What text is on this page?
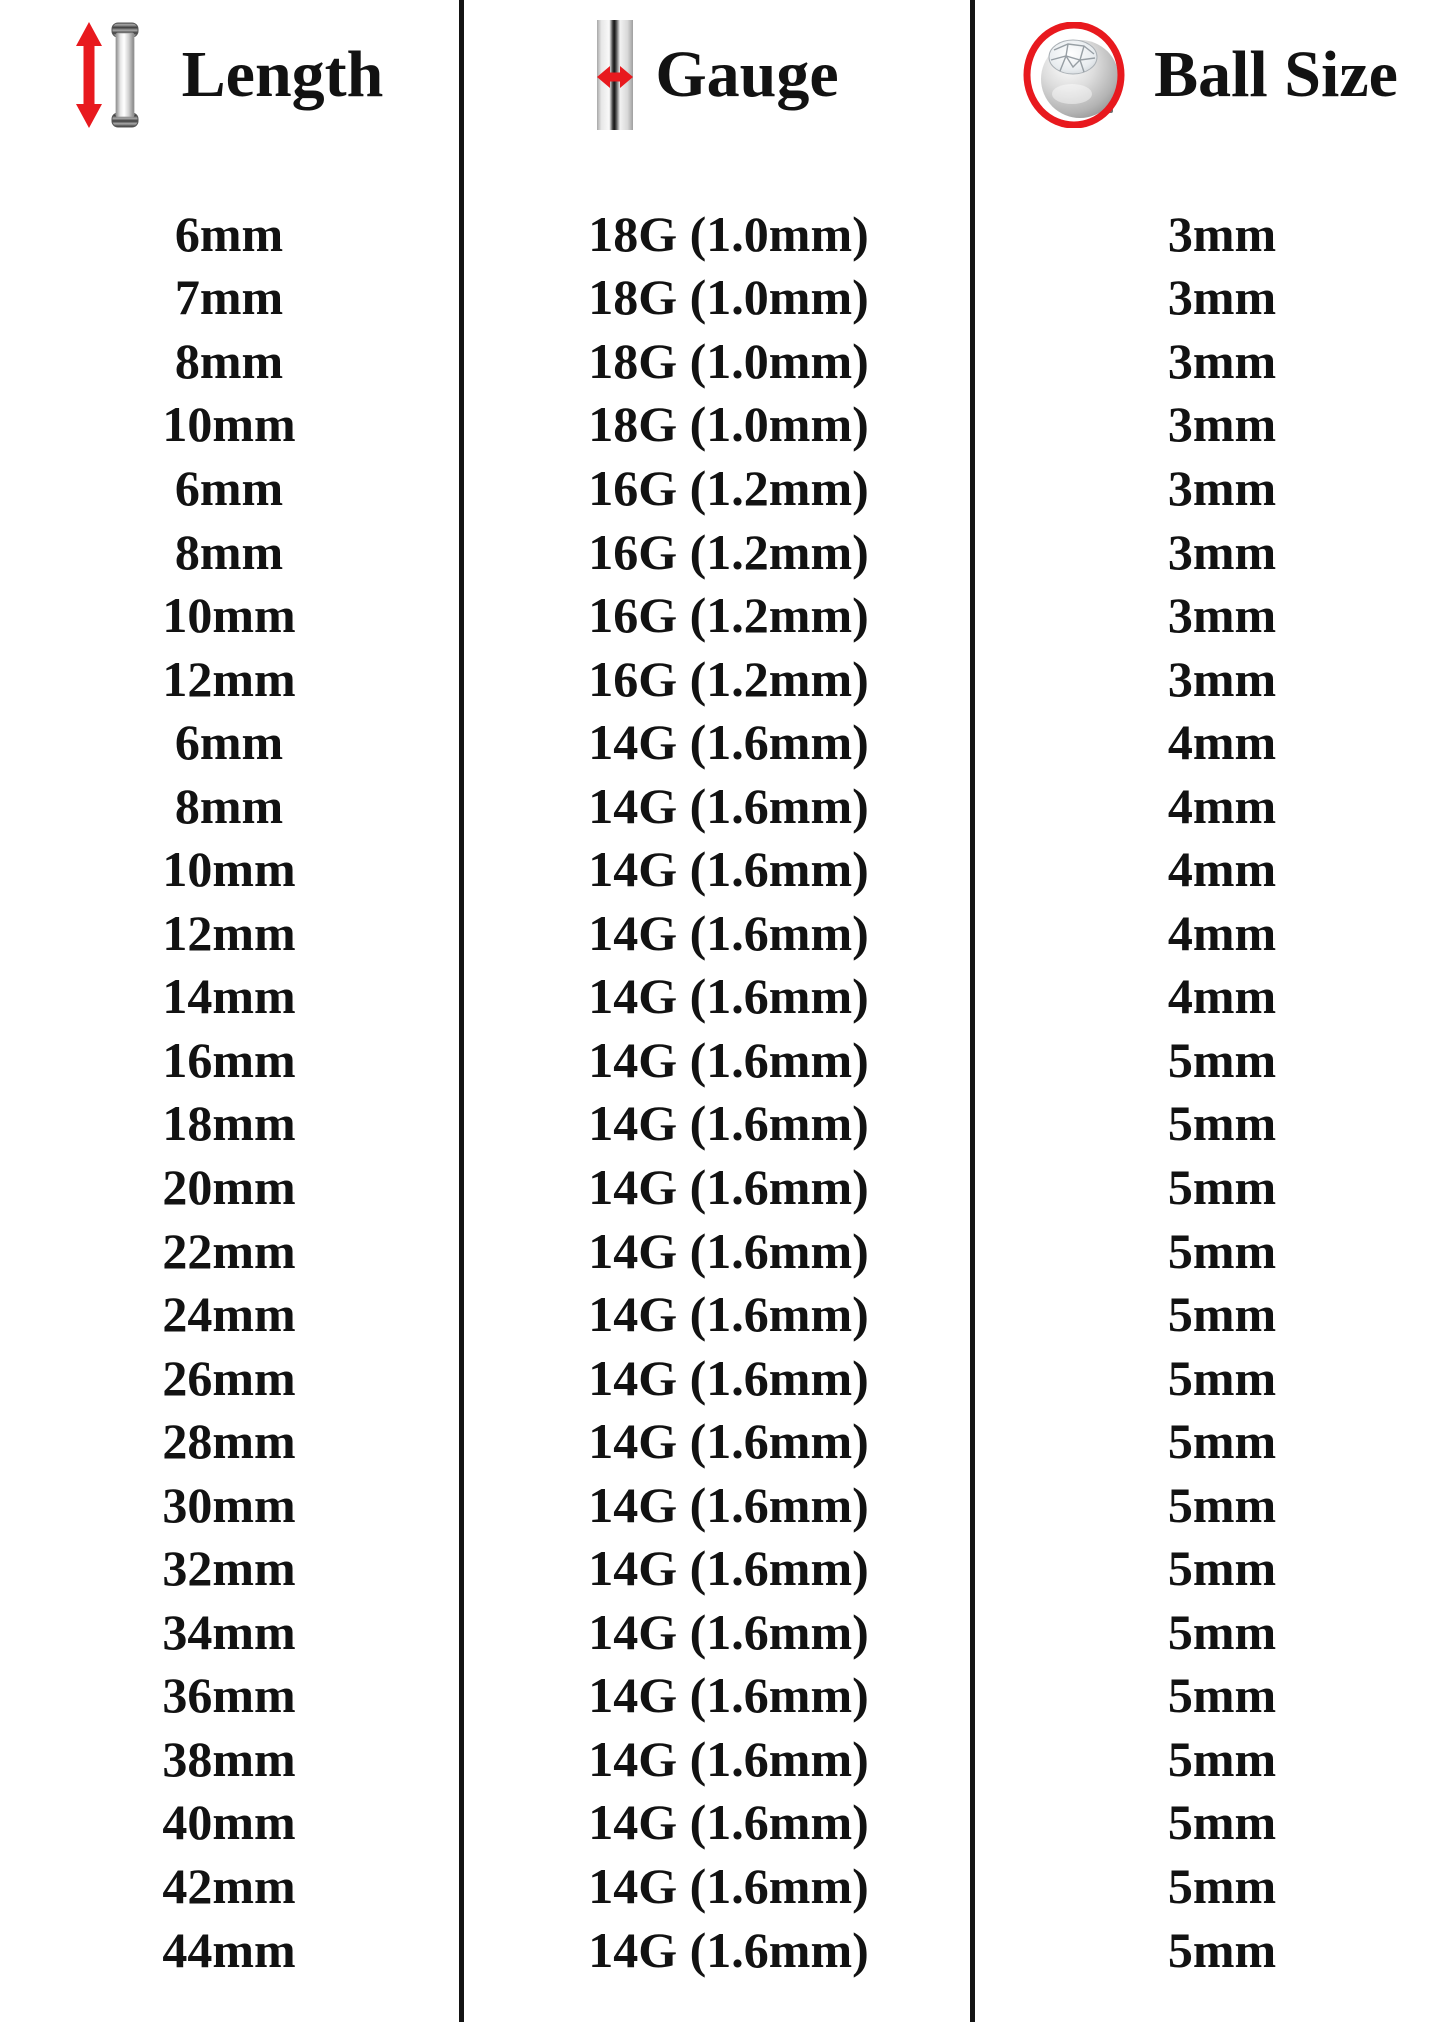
Length	Gauge	Ball Size
6mm	18G (1.0mm)	3mm
7mm	18G (1.0mm)	3mm
8mm	18G (1.0mm)	3mm
10mm	18G (1.0mm)	3mm
6mm	16G (1.2mm)	3mm
8mm	16G (1.2mm)	3mm
10mm	16G (1.2mm)	3mm
12mm	16G (1.2mm)	3mm
6mm	14G (1.6mm)	4mm
8mm	14G (1.6mm)	4mm
10mm	14G (1.6mm)	4mm
12mm	14G (1.6mm)	4mm
14mm	14G (1.6mm)	4mm
16mm	14G (1.6mm)	5mm
18mm	14G (1.6mm)	5mm
20mm	14G (1.6mm)	5mm
22mm	14G (1.6mm)	5mm
24mm	14G (1.6mm)	5mm
26mm	14G (1.6mm)	5mm
28mm	14G (1.6mm)	5mm
30mm	14G (1.6mm)	5mm
32mm	14G (1.6mm)	5mm
34mm	14G (1.6mm)	5mm
36mm	14G (1.6mm)	5mm
38mm	14G (1.6mm)	5mm
40mm	14G (1.6mm)	5mm
42mm	14G (1.6mm)	5mm
44mm	14G (1.6mm)	5mm
